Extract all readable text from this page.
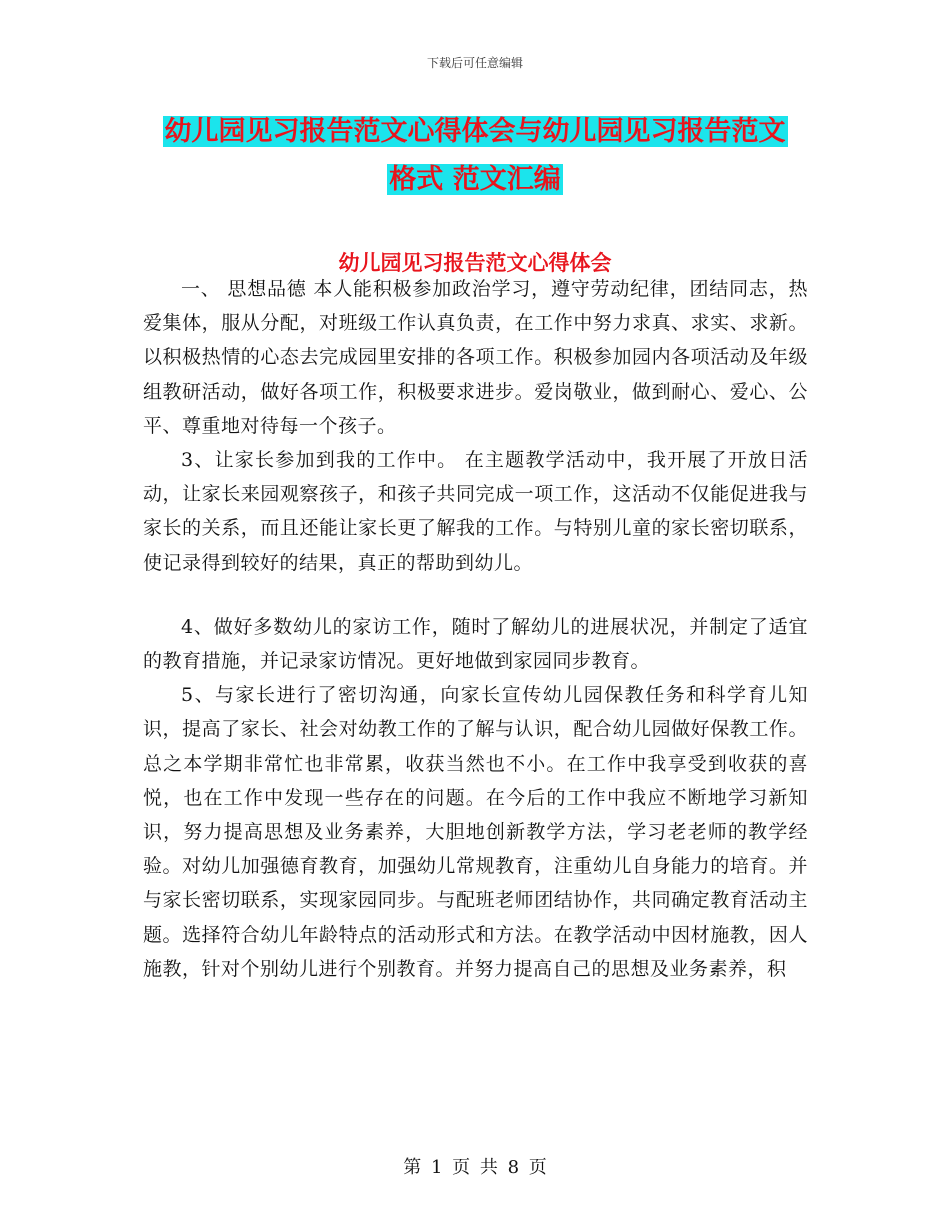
下载后可任意编辑
幼儿园见习报告范文心得体会与幼儿园见习报告范文
格式 范文汇编
幼儿园见习报告范文心得体会

一、 思想品德 本人能积极参加政治学习，遵守劳动纪律，团结同志，热爱集体，服从分配，对班级工作认真负责，在工作中努力求真、求实、求新。以积极热情的心态去完成园里安排的各项工作。积极参加园内各项活动及年级组教研活动，做好各项工作，积极要求进步。爱岗敬业，做到耐心、爱心、公平、尊重地对待每一个孩子。

3、让家长参加到我的工作中。 在主题教学活动中，我开展了开放日活动，让家长来园观察孩子，和孩子共同完成一项工作，这活动不仅能促进我与家长的关系，而且还能让家长更了解我的工作。与特别儿童的家长密切联系，使记录得到较好的结果，真正的帮助到幼儿。

4、做好多数幼儿的家访工作，随时了解幼儿的进展状况，并制定了适宜的教育措施，并记录家访情况。更好地做到家园同步教育。

5、与家长进行了密切沟通，向家长宣传幼儿园保教任务和科学育儿知识，提高了家长、社会对幼教工作的了解与认识，配合幼儿园做好保教工作。 总之本学期非常忙也非常累，收获当然也不小。在工作中我享受到收获的喜悦，也在工作中发现一些存在的问题。在今后的工作中我应不断地学习新知识，努力提高思想及业务素养，大胆地创新教学方法，学习老老师的教学经验。对幼儿加强德育教育，加强幼儿常规教育，注重幼儿自身能力的培育。并与家长密切联系，实现家园同步。与配班老师团结协作，共同确定教育活动主题。选择符合幼儿年龄特点的活动形式和方法。在教学活动中因材施教，因人施教，针对个别幼儿进行个别教育。并努力提高自己的思想及业务素养，积

第 1 页 共 8 页
